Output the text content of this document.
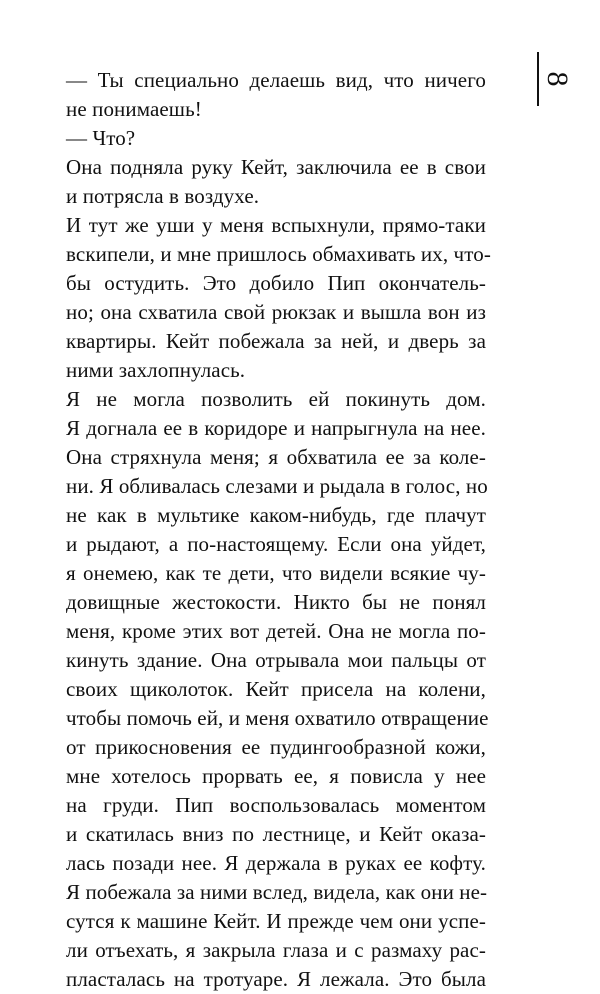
8
— Ты специально делаешь вид, что ничего
не понимаешь!
— Что?
Она подняла руку Кейт, заключила ее в свои
и потрясла в воздухе.
И тут же уши у меня вспыхнули, прямо-таки
вскипели, и мне пришлось обмахивать их, что-
бы остудить. Это добило Пип окончатель-
но; она схватила свой рюкзак и вышла вон из
квартиры. Кейт побежала за ней, и дверь за
ними захлопнулась.
Я не могла позволить ей покинуть дом.
Я догнала ее в коридоре и напрыгнула на нее.
Она стряхнула меня; я обхватила ее за коле-
ни. Я обливалась слезами и рыдала в голос, но
не как в мультике каком-нибудь, где плачут
и рыдают, а по-настоящему. Если она уйдет,
я онемею, как те дети, что видели всякие чу-
довищные жестокости. Никто бы не понял
меня, кроме этих вот детей. Она не могла по-
кинуть здание. Она отрывала мои пальцы от
своих щиколоток. Кейт присела на колени,
чтобы помочь ей, и меня охватило отвращение
от прикосновения ее пудингообразной кожи,
мне хотелось прорвать ее, я повисла у нее
на груди. Пип воспользовалась моментом
и скатилась вниз по лестнице, и Кейт оказа-
лась позади нее. Я держала в руках ее кофту.
Я побежала за ними вслед, видела, как они не-
сутся к машине Кейт. И прежде чем они успе-
ли отъехать, я закрыла глаза и с размаху рас-
пласталась на тротуаре. Я лежала. Это была
